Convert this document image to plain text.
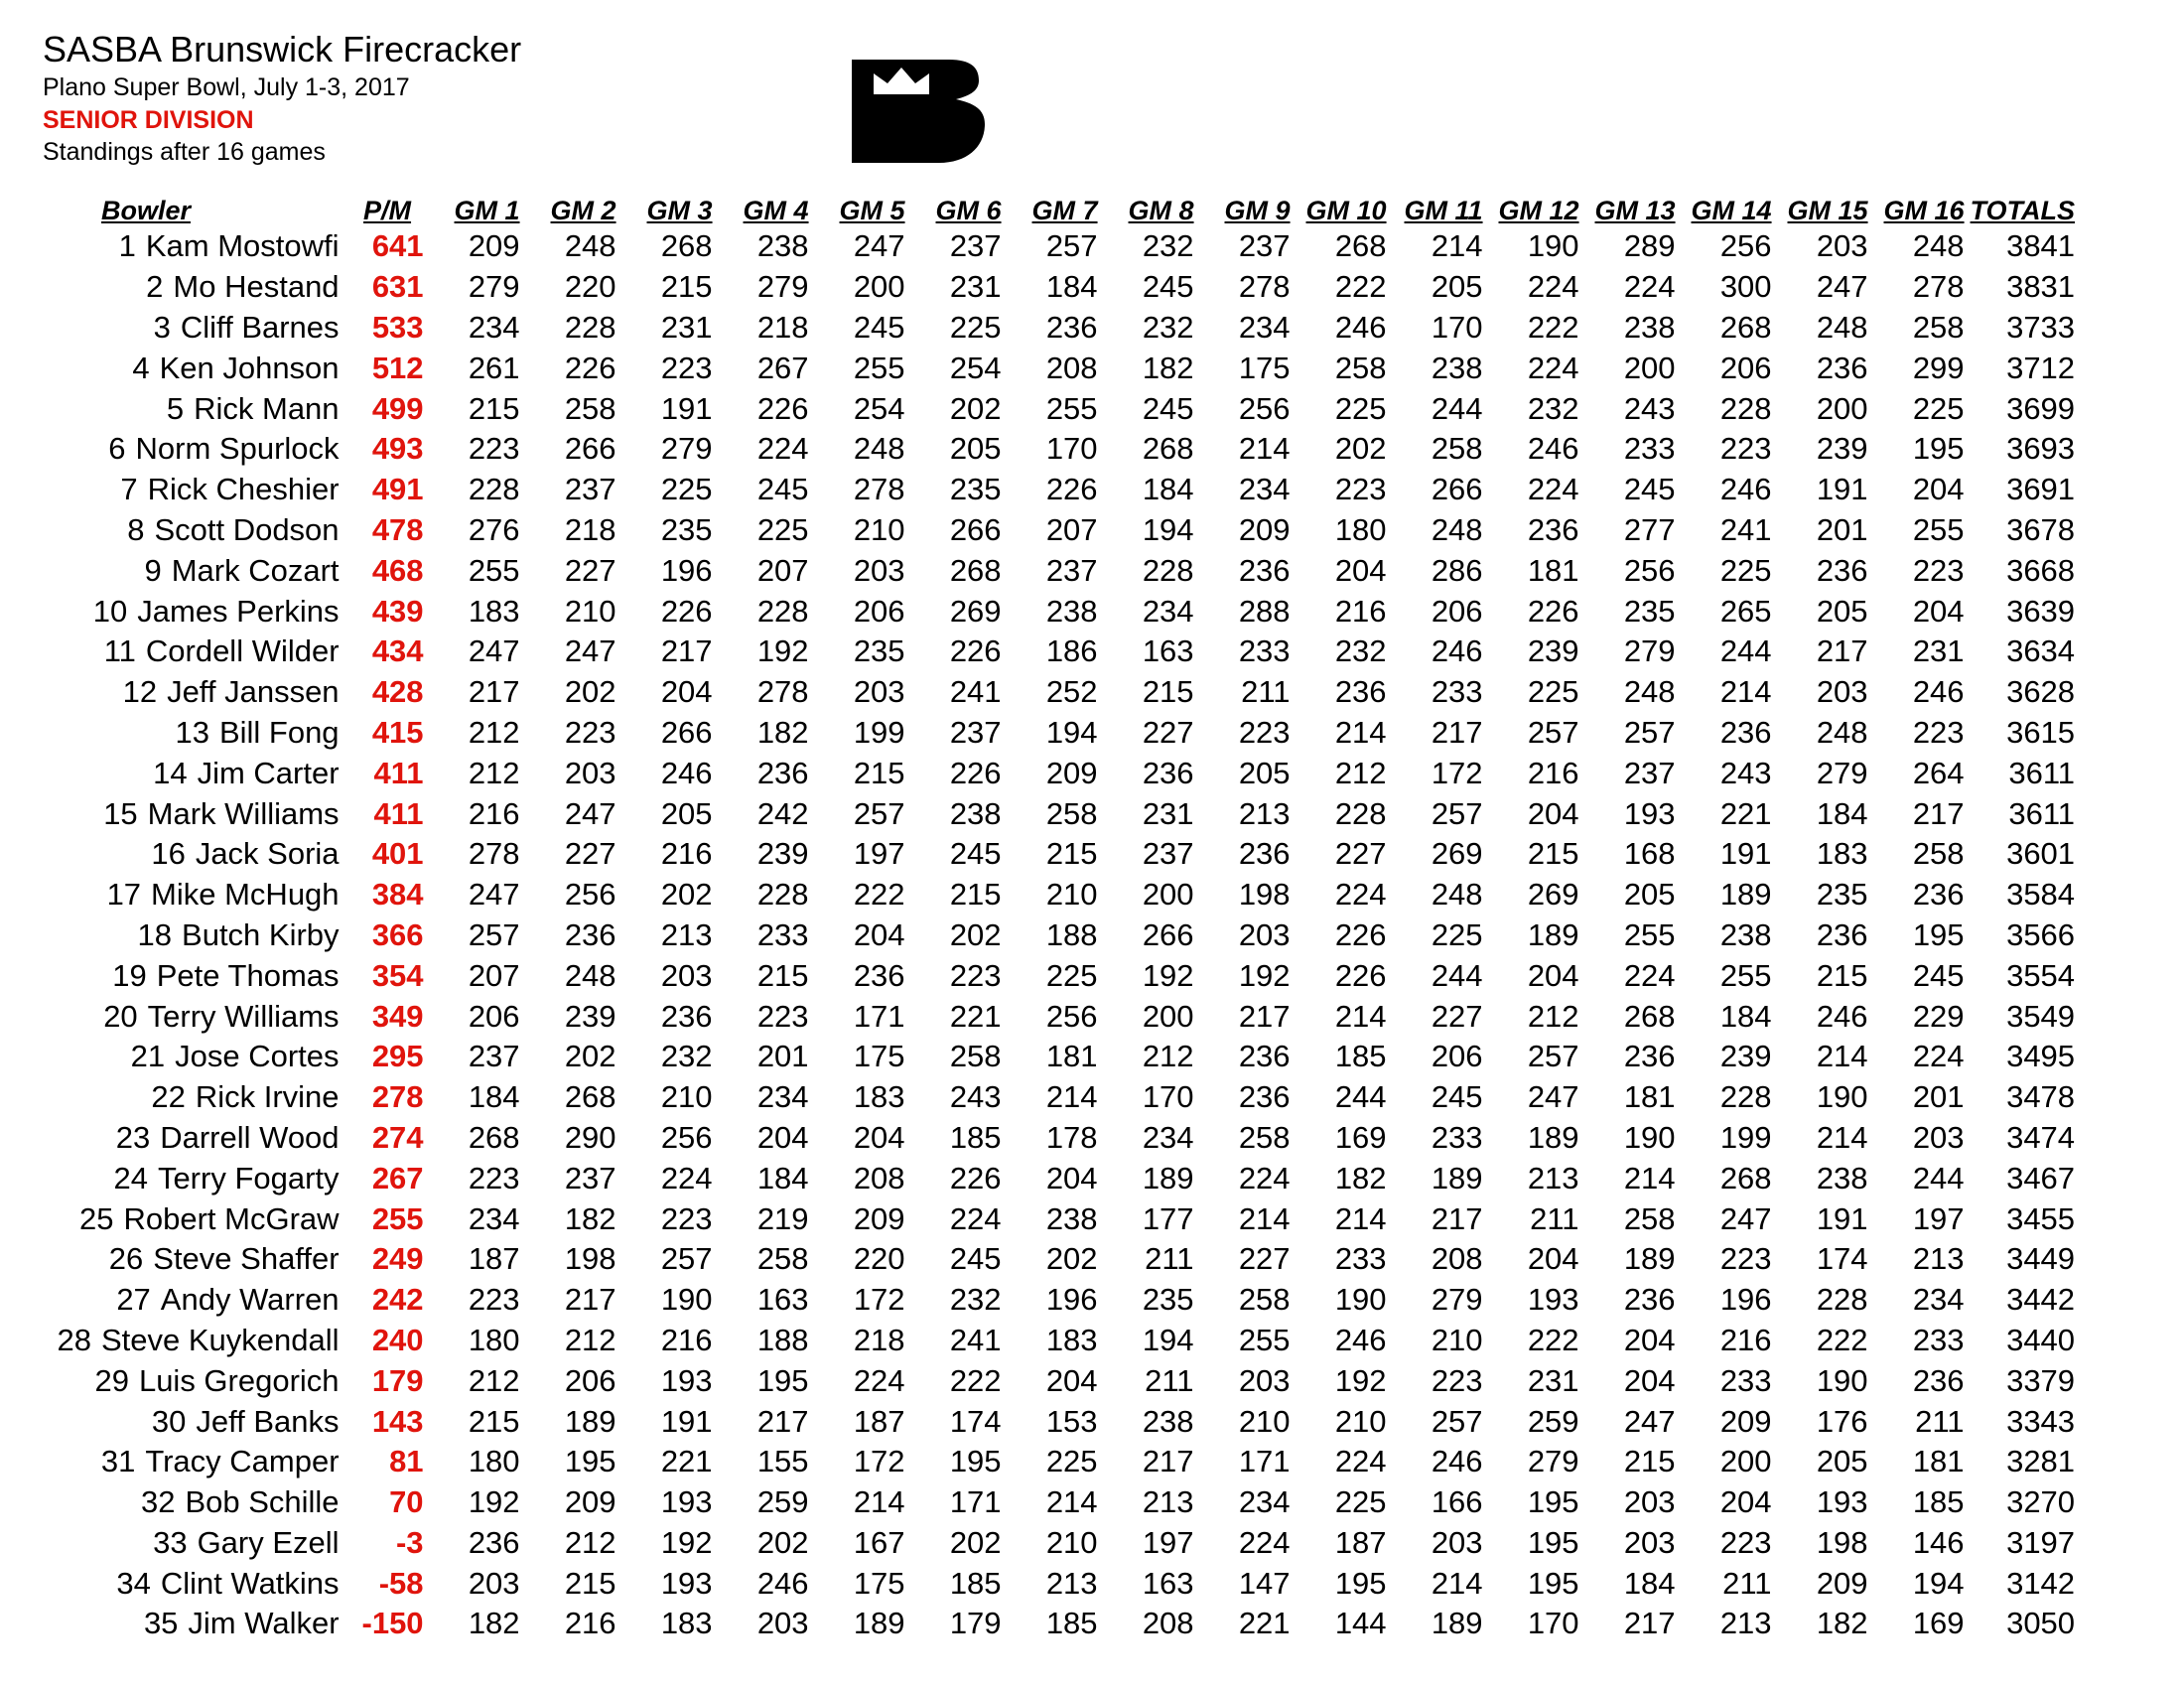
SASBA Brunswick Firecracker
Plano Super Bowl, July 1-3, 2017
SENIOR DIVISION
Standings after 16 games
Bowler	P/M	GM 1	GM 2	GM 3	GM 4	GM 5	GM 6	GM 7	GM 8	GM 9	GM 10	GM 11	GM 12	GM 13	GM 14	GM 15	GM 16	TOTALS
1 Kam Mostowfi	641	209	248	268	238	247	237	257	232	237	268	214	190	289	256	203	248	3841
2 Mo Hestand	631	279	220	215	279	200	231	184	245	278	222	205	224	224	300	247	278	3831
3 Cliff Barnes	533	234	228	231	218	245	225	236	232	234	246	170	222	238	268	248	258	3733
4 Ken Johnson	512	261	226	223	267	255	254	208	182	175	258	238	224	200	206	236	299	3712
5 Rick Mann	499	215	258	191	226	254	202	255	245	256	225	244	232	243	228	200	225	3699
6 Norm Spurlock	493	223	266	279	224	248	205	170	268	214	202	258	246	233	223	239	195	3693
7 Rick Cheshier	491	228	237	225	245	278	235	226	184	234	223	266	224	245	246	191	204	3691
8 Scott Dodson	478	276	218	235	225	210	266	207	194	209	180	248	236	277	241	201	255	3678
9 Mark Cozart	468	255	227	196	207	203	268	237	228	236	204	286	181	256	225	236	223	3668
10 James Perkins	439	183	210	226	228	206	269	238	234	288	216	206	226	235	265	205	204	3639
11 Cordell Wilder	434	247	247	217	192	235	226	186	163	233	232	246	239	279	244	217	231	3634
12 Jeff Janssen	428	217	202	204	278	203	241	252	215	211	236	233	225	248	214	203	246	3628
13 Bill Fong	415	212	223	266	182	199	237	194	227	223	214	217	257	257	236	248	223	3615
14 Jim Carter	411	212	203	246	236	215	226	209	236	205	212	172	216	237	243	279	264	3611
15 Mark Williams	411	216	247	205	242	257	238	258	231	213	228	257	204	193	221	184	217	3611
16 Jack Soria	401	278	227	216	239	197	245	215	237	236	227	269	215	168	191	183	258	3601
17 Mike McHugh	384	247	256	202	228	222	215	210	200	198	224	248	269	205	189	235	236	3584
18 Butch Kirby	366	257	236	213	233	204	202	188	266	203	226	225	189	255	238	236	195	3566
19 Pete Thomas	354	207	248	203	215	236	223	225	192	192	226	244	204	224	255	215	245	3554
20 Terry Williams	349	206	239	236	223	171	221	256	200	217	214	227	212	268	184	246	229	3549
21 Jose Cortes	295	237	202	232	201	175	258	181	212	236	185	206	257	236	239	214	224	3495
22 Rick Irvine	278	184	268	210	234	183	243	214	170	236	244	245	247	181	228	190	201	3478
23 Darrell Wood	274	268	290	256	204	204	185	178	234	258	169	233	189	190	199	214	203	3474
24 Terry Fogarty	267	223	237	224	184	208	226	204	189	224	182	189	213	214	268	238	244	3467
25 Robert McGraw	255	234	182	223	219	209	224	238	177	214	214	217	211	258	247	191	197	3455
26 Steve Shaffer	249	187	198	257	258	220	245	202	211	227	233	208	204	189	223	174	213	3449
27 Andy Warren	242	223	217	190	163	172	232	196	235	258	190	279	193	236	196	228	234	3442
28 Steve Kuykendall	240	180	212	216	188	218	241	183	194	255	246	210	222	204	216	222	233	3440
29 Luis Gregorich	179	212	206	193	195	224	222	204	211	203	192	223	231	204	233	190	236	3379
30 Jeff Banks	143	215	189	191	217	187	174	153	238	210	210	257	259	247	209	176	211	3343
31 Tracy Camper	81	180	195	221	155	172	195	225	217	171	224	246	279	215	200	205	181	3281
32 Bob Schille	70	192	209	193	259	214	171	214	213	234	225	166	195	203	204	193	185	3270
33 Gary Ezell	-3	236	212	192	202	167	202	210	197	224	187	203	195	203	223	198	146	3197
34 Clint Watkins	-58	203	215	193	246	175	185	213	163	147	195	214	195	184	211	209	194	3142
35 Jim Walker	-150	182	216	183	203	189	179	185	208	221	144	189	170	217	213	182	169	3050
